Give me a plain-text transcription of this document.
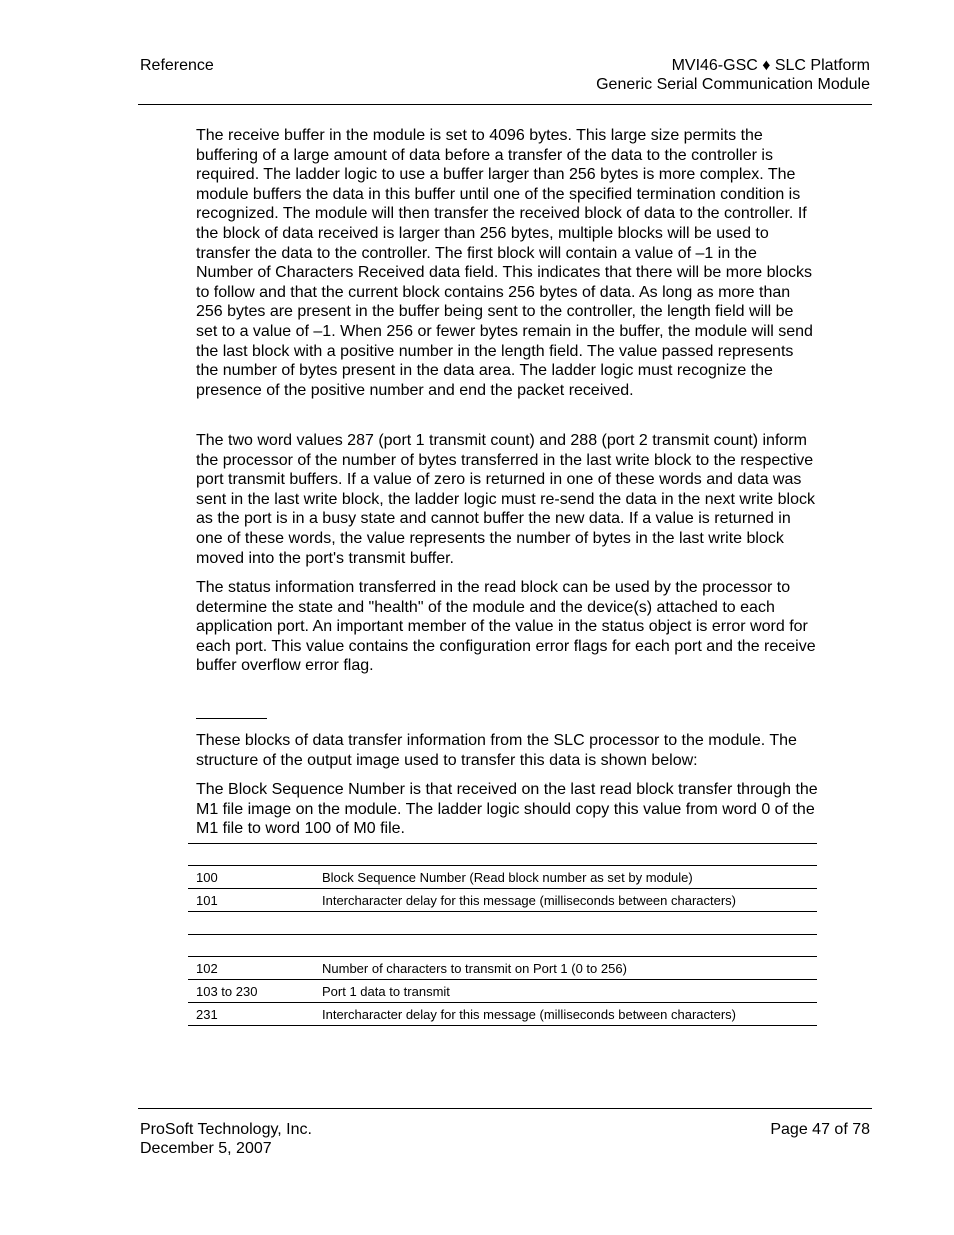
Reference	MVI46-GSC ♦ SLC Platform
Generic Serial Communication Module

The receive buffer in the module is set to 4096 bytes. This large size permits the buffering of a large amount of data before a transfer of the data to the controller is required. The ladder logic to use a buffer larger than 256 bytes is more complex. The module buffers the data in this buffer until one of the specified termination condition is recognized. The module will then transfer the received block of data to the controller. If the block of data received is larger than 256 bytes, multiple blocks will be used to transfer the data to the controller. The first block will contain a value of –1 in the Number of Characters Received data field. This indicates that there will be more blocks to follow and that the current block contains 256 bytes of data. As long as more than 256 bytes are present in the buffer being sent to the controller, the length field will be set to a value of –1. When 256 or fewer bytes remain in the buffer, the module will send the last block with a positive number in the length field. The value passed represents the number of bytes present in the data area. The ladder logic must recognize the presence of the positive number and end the packet received.

The two word values 287 (port 1 transmit count) and 288 (port 2 transmit count) inform the processor of the number of bytes transferred in the last write block to the respective port transmit buffers. If a value of zero is returned in one of these words and data was sent in the last write block, the ladder logic must re-send the data in the next write block as the port is in a busy state and cannot buffer the new data. If a value is returned in one of these words, the value represents the number of bytes in the last write block moved into the port's transmit buffer.

The status information transferred in the read block can be used by the processor to determine the state and "health" of the module and the device(s) attached to each application port. An important member of the value in the status object is error word for each port. This value contains the configuration error flags for each port and the receive buffer overflow error flag.

These blocks of data transfer information from the SLC processor to the module. The structure of the output image used to transfer this data is shown below:

The Block Sequence Number is that received on the last read block transfer through the M1 file image on the module. The ladder logic should copy this value from word 0 of the M1 file to word 100 of M0 file.

100	Block Sequence Number (Read block number as set by module)
101	Intercharacter delay for this message (milliseconds between characters)

102	Number of characters to transmit on Port 1 (0 to 256)
103 to 230	Port 1 data to transmit
231	Intercharacter delay for this message (milliseconds between characters)
ProSoft Technology, Inc.
December 5, 2007
Page 47 of 78
